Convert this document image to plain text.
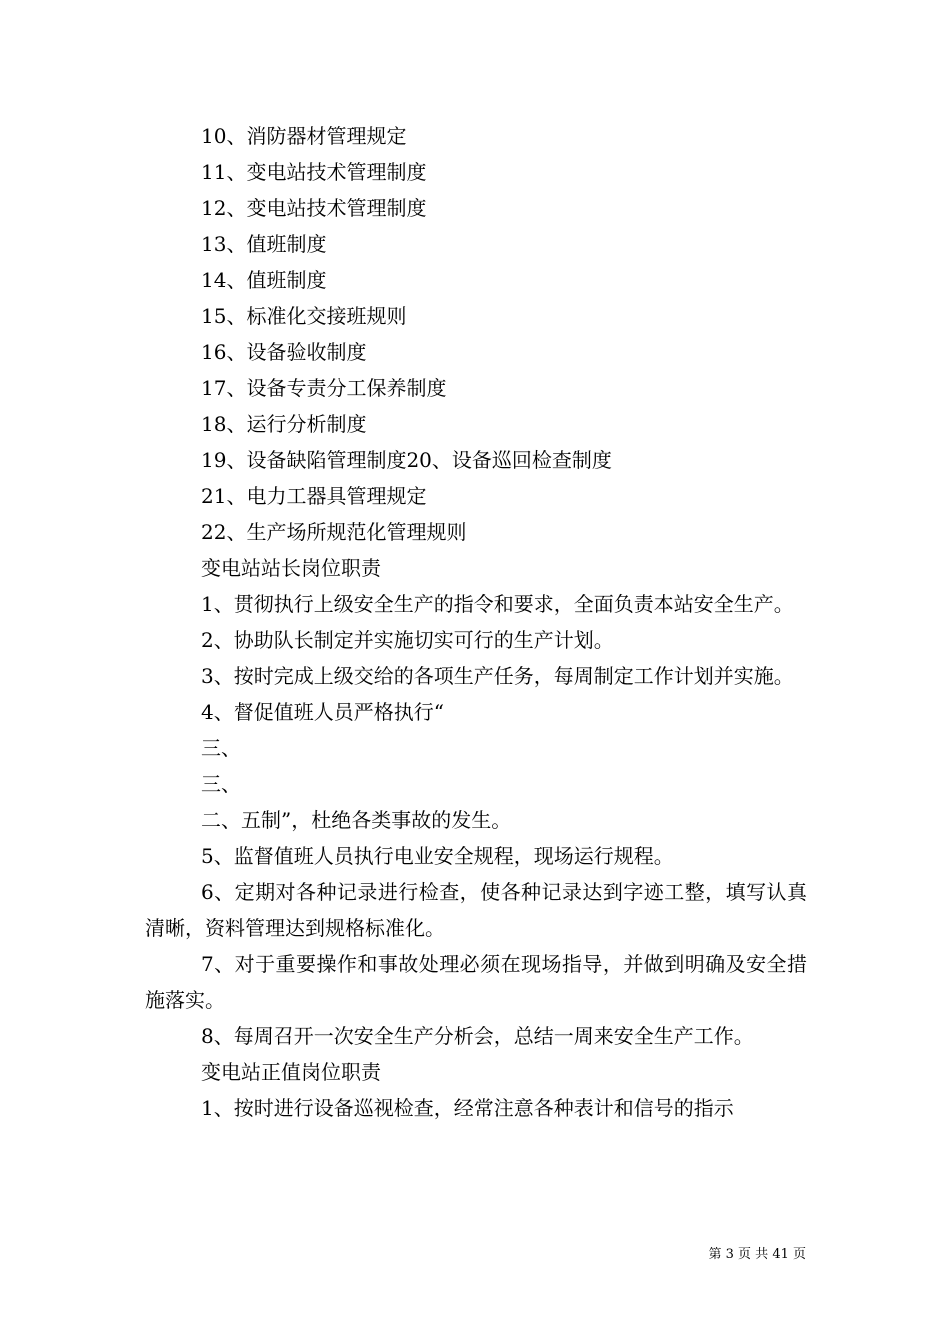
10、消防器材管理规定
11、变电站技术管理制度
12、变电站技术管理制度
13、值班制度
14、值班制度
15、标准化交接班规则
16、设备验收制度
17、设备专责分工保养制度
18、运行分析制度
19、设备缺陷管理制度20、设备巡回检查制度
21、电力工器具管理规定
22、生产场所规范化管理规则
变电站站长岗位职责
1、贯彻执行上级安全生产的指令和要求，全面负责本站安全生产。
2、协助队长制定并实施切实可行的生产计划。
3、按时完成上级交给的各项生产任务，每周制定工作计划并实施。
4、督促值班人员严格执行“
三、
三、
二、五制”，杜绝各类事故的发生。
5、监督值班人员执行电业安全规程，现场运行规程。
6、定期对各种记录进行检查，使各种记录达到字迹工整，填写认真清晰，资料管理达到规格标准化。
7、对于重要操作和事故处理必须在现场指导，并做到明确及安全措施落实。
8、每周召开一次安全生产分析会，总结一周来安全生产工作。
变电站正值岗位职责
1、按时进行设备巡视检查，经常注意各种表计和信号的指示
第 3 页 共 41 页
